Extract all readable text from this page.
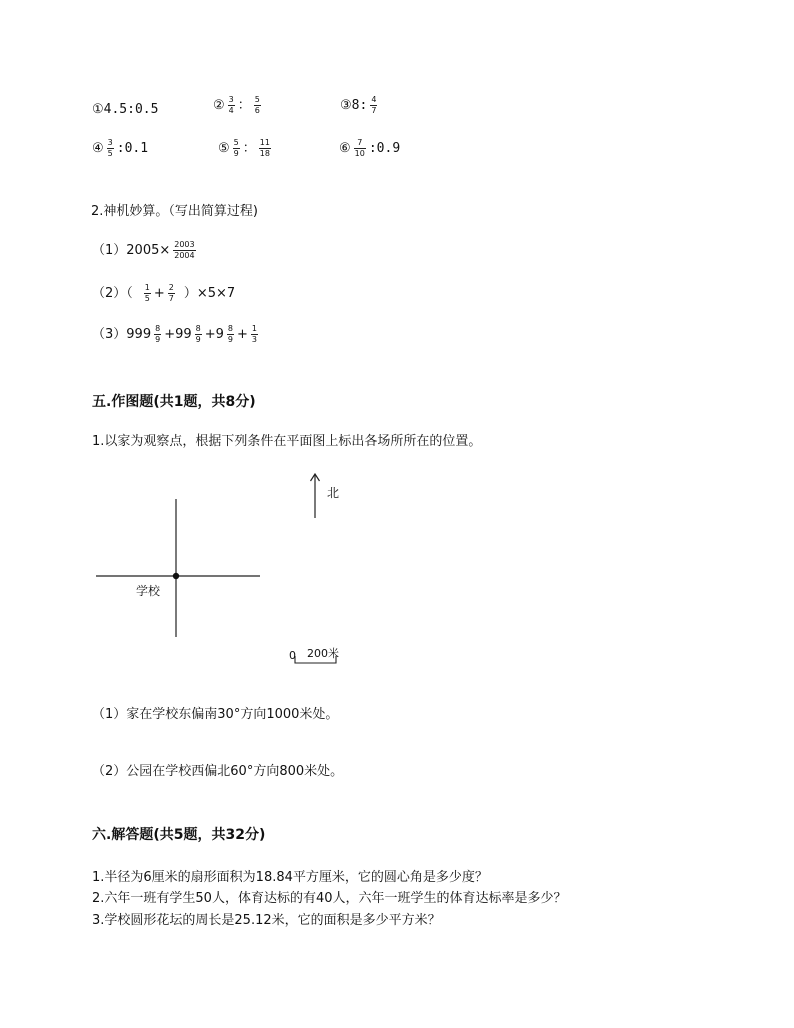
①4.5:0.5	② $\frac{3}{4}$ ： $\frac{5}{6}$	③8: $\frac{4}{7}$
④ $\frac{3}{5}$ :0.1	⑤ $\frac{5}{9}$ ： $\frac{11}{18}$	⑥ $\frac{7}{10}$ :0.9
2.神机妙算。（写出简算过程)
$(1)2005\times \frac{2003}{2004}$
$(2)( \frac{1}{5} + \frac{2}{7} )\times 5\times 7$
$(3)999 \frac{8}{9} +99 \frac{8}{9} +9 \frac{8}{9} + \frac{1}{3}$
五.作图题(共1题，共8分)
1.以家为观察点，根据下列条件在平面图上标出各场所所在的位置。
学校
北
0 200米
（1）家在学校东偏南30°方向1000米处。
（2）公园在学校西偏北60°方向800米处。
六.解答题(共5题，共32分)
1.半径为6厘米的扇形面积为18.84平方厘米，它的圆心角是多少度？
2.六年一班有学生50人，体育达标的有40人，六年一班学生的体育达标率是多少？
3.学校圆形花坛的周长是25.12米，它的面积是多少平方米？
